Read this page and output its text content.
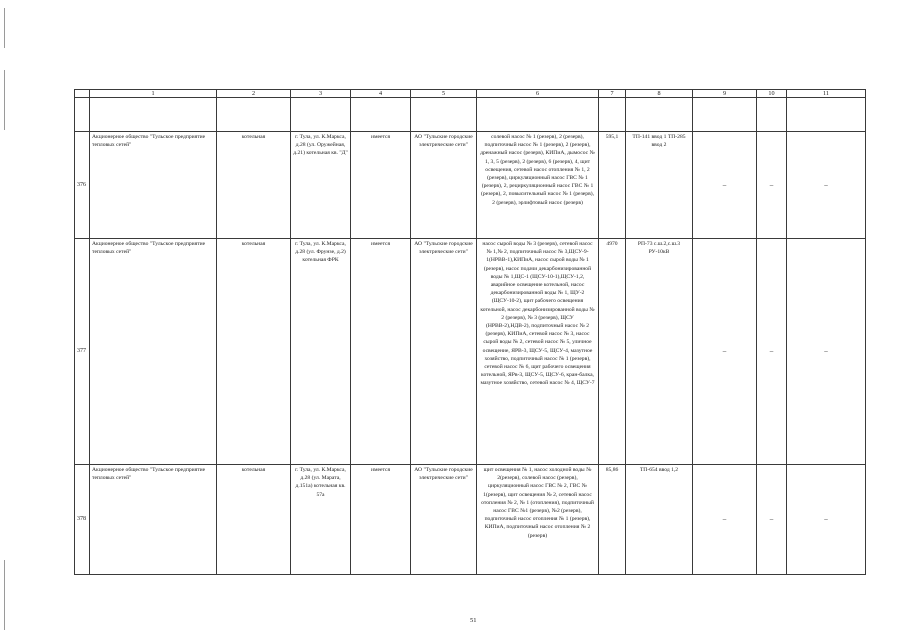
	1	2	3	4	5	6	7	8	9	10	11

376	Акционерное общество "Тульское предприятие тепловых сетей"	котельная	г. Тула, ул. К.Маркса, д.28 (ул. Оружейная, д.21) котельная кв. "Д"	имеется	АО "Тульские городские электрические сети"	солевой насос № 1 (резерв), 2 (резерв), подпиточный насос № 1 (резерв), 2 (резерв), дренажный насос (резерв), КИПиА, дымосос № 1, 3, 5 (резерв), 2 (резерв), 6 (резерв), 4, щит освещения, сетевой насос отопления № 1, 2 (резерв), циркуляционный насос ГВС № 1 (резерв), 2, рециркуляционный насос ГВС № 1 (резерв), 2, повысительный насос № 1 (резерв), 2 (резерв), эрлифтовый насос (резерв)	595,1	ТП-141 ввод 1 ТП-285 ввод 2	–	–	–
377	Акционерное общество "Тульское предприятие тепловых сетей"	котельная	г. Тула, ул. К.Маркса, д.28 (ул. Фрунзе, д.2) котельная ФРК	имеется	АО "Тульские городские электрические сети"	насос сырой воды № 3 (резерв), сетевой насос № 1,№ 2, подпиточный насос № 3,ЩСУ-9-1(НРВВ-1),КИПиА, насос сырой воды № 1 (резерв), насос подачи декарбонизированной воды № 1,ЩС-1 (ЩСУ-10-1),ЩСУ-1,2, аварийное освещение котельной, насос декарбонизированной воды № 1, ЩУ-2 (ЩСУ-10-2), щит рабочего освещения котельной, насос декарбонизированной воды № 2 (резерв), № 3 (резерв), ЩСУ (НРВВ-2),НДВ-2), подпиточный насос № 2 (резерв), КИПиА, сетевой насос № 3, насос сырой воды № 2, сетевой насос № 5, уличное освещение, ЯРВ-3, ЩСУ-5, ЩСУ-4, мазутное хозяйство, подпиточный насос № 1 (резерв), сетевой насос № 6, щит рабочего освещения котельной, ЯРв-3, ЩСУ-5, ЩСУ-6, кран-балка, мазутное хозяйство, сетевой насос № 4, ЩСУ-7	4970	РП-73 с.ш.2,с.ш.3 РУ-10кВ	–	–	–
378	Акционерное общество "Тульское предприятие тепловых сетей"	котельная	г. Тула, ул. К.Маркса, д.28 (ул. Марата, д.151а) котельная кв. 57а	имеется	АО "Тульские городские электрические сети"	щит освещения № 1, насос холодной воды № 2(резерв), солевой насос (резерв), циркуляционный насос ГВС № 2, ГВС № 1(резерв), щит освещения № 2, сетевой насос отопления № 2, № 1 (отопления), подпиточный насос ГВС №1 (резерв), №2 (резерв), подпиточный насос отопления № 1 (резерв), КИПиА, подпиточный насос отопления № 2 (резерв)	85,86	ТП-654 ввод 1,2	–	–	–
51
